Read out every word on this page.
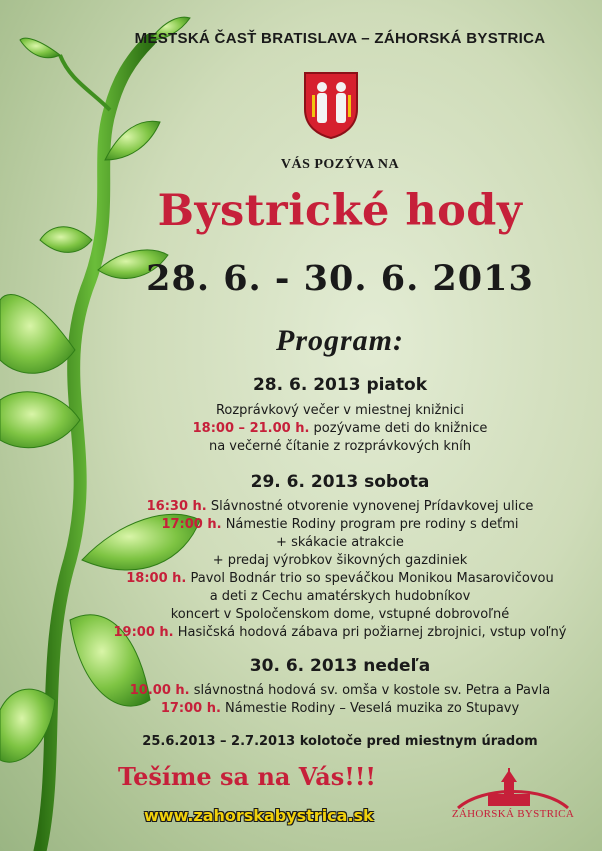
MESTSKÁ ČASŤ BRATISLAVA – ZÁHORSKÁ BYSTRICA
VÁS POZÝVA NA
Bystrické hody
28. 6. - 30. 6. 2013
Program:
28. 6. 2013 piatok
Rozprávkový večer v miestnej knižnici
18:00 – 21.00 h. pozývame deti do knižnice
na večerné čítanie z rozprávkových kníh
29. 6. 2013 sobota
16:30 h. Slávnostné otvorenie vynovenej Prídavkovej ulice
17:00 h. Námestie Rodiny program pre rodiny s deťmi
+ skákacie atrakcie
+ predaj výrobkov šikovných gazdiniek
18:00 h. Pavol Bodnár trio so speváčkou Monikou Masarovičovou
a deti z Cechu amatérskych hudobníkov
koncert v Spoločenskom dome, vstupné dobrovoľné
19:00 h. Hasičská hodová zábava pri požiarnej zbrojnici, vstup voľný
30. 6. 2013 nedeľa
10.00 h. slávnostná hodová sv. omša v kostole sv. Petra a Pavla
17:00 h. Námestie Rodiny – Veselá muzika zo Stupavy
25.6.2013 – 2.7.2013 kolotoče pred miestnym úradom
Tešíme sa na Vás!!!
www.zahorskabystrica.sk	ZÁHORSKÁ BYSTRICA
